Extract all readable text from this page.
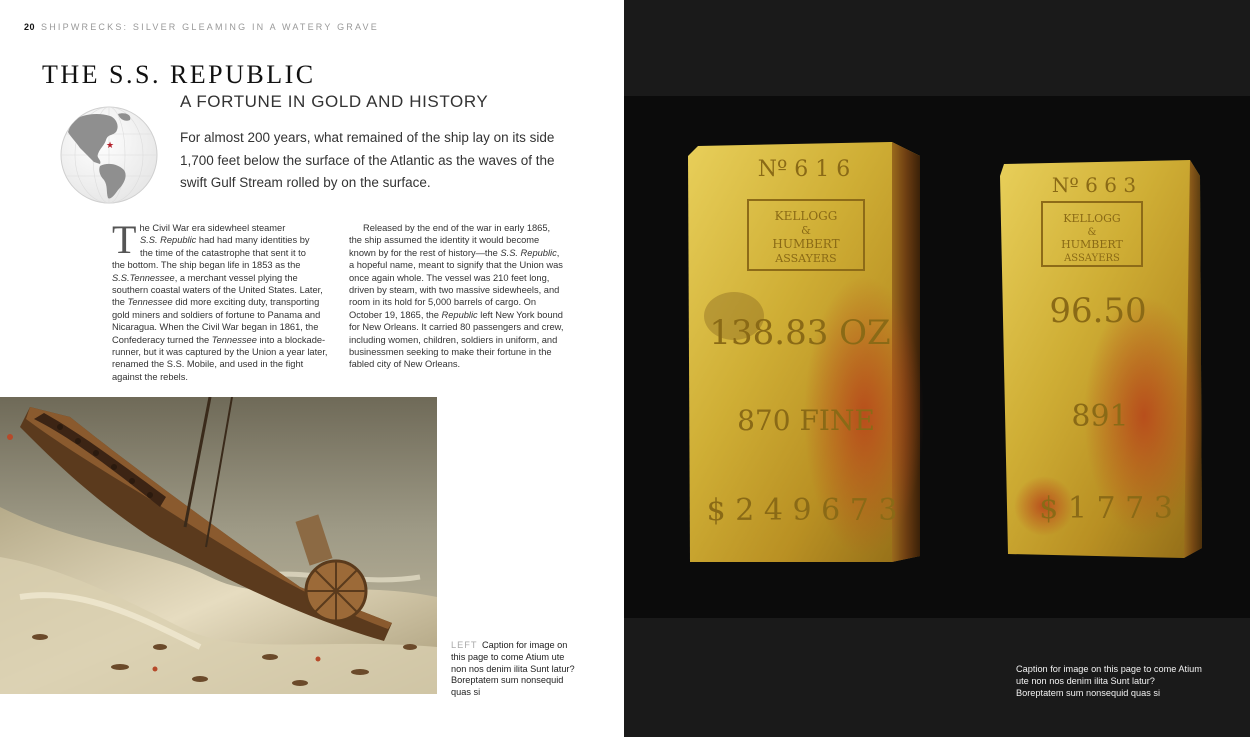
20 SHIPWRECKS: SILVER GLEAMING IN A WATERY GRAVE
THE S.S. REPUBLIC
A FORTUNE IN GOLD AND HISTORY
★
For almost 200 years, what remained of the ship lay on its side 1,700 feet below the surface of the Atlantic as the waves of the swift Gulf Stream rolled by on the surface.
T he Civil War era sidewheel steamer
S.S. Republic had had many identities by
the time of the catastrophe that sent it to

the bottom. The ship began life in 1853 as the S.S.Tennessee, a merchant vessel plying the southern coastal waters of the United States. Later, the Tennessee did more exciting duty, transporting gold miners and soldiers of fortune to Panama and Nicaragua. When the Civil War began in 1861, the Confederacy turned the Tennessee into a blockade-runner, but it was captured by the Union a year later, renamed the S.S. Mobile, and used in the fight against the rebels.

Released by the end of the war in early 1865, the ship assumed the identity it would become known by for the rest of history—the S.S. Republic, a hopeful name, meant to signify that the Union was once again whole. The vessel was 210 feet long, driven by steam, with two massive sidewheels, and room in its hold for 5,000 barrels of cargo. On October 19, 1865, the Republic left New York bound for New Orleans. It carried 80 passengers and crew, including women, children, soldiers in uniform, and businessmen seeking to make their fortune in the fabled city of New Orleans.

LEFT Caption for image on this page to come Atium ute non nos denim ilita Sunt latur? Boreptatem sum nonsequid quas si
Nº 6 1 6
KELLOGG
&
HUMBERT
ASSAYERS
138.83 OZ
870 FINE
$ 2 4 9 6 7 3
Nº 6 6 3
KELLOGG
&
HUMBERT
ASSAYERS
96.50
891
$ 1 7 7 3
Caption for image on this page to come Atium ute non nos denim ilita Sunt latur? Boreptatem sum nonsequid quas si
